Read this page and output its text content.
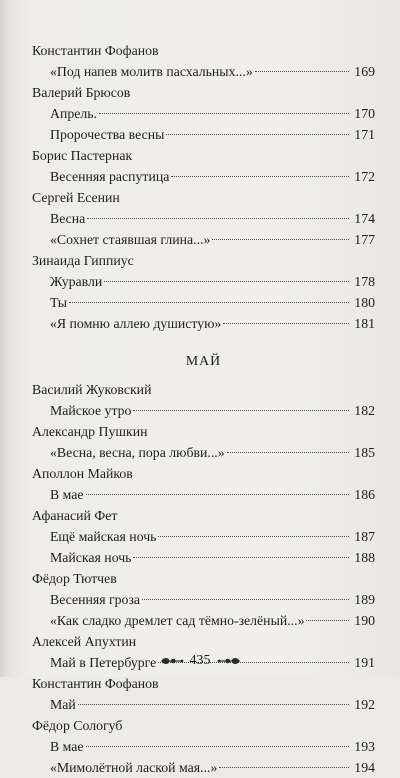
Константин Фофанов
«Под напев молитв пасхальных...»	169
Валерий Брюсов
Апрель.	170
Пророчества весны	171
Борис Пастернак
Весенняя распутица	172
Сергей Есенин
Весна	174
«Сохнет стаявшая глина...»	177
Зинаида Гиппиус
Журавли	178
Ты	180
«Я помню аллею душистую»	181
МАЙ
Василий Жуковский
Майское утро	182
Александр Пушкин
«Весна, весна, пора любви...»	185
Аполлон Майков
В мае	186
Афанасий Фет
Ещё майская ночь	187
Майская ночь	188
Фёдор Тютчев
Весенняя гроза	189
«Как сладко дремлет сад тёмно-зелёный...»	190
Алексей Апухтин
Май в Петербурге	191
Константин Фофанов
Май	192
Фёдор Сологуб
В мае	193
«Мимолётной лаской мая...»	194
435
